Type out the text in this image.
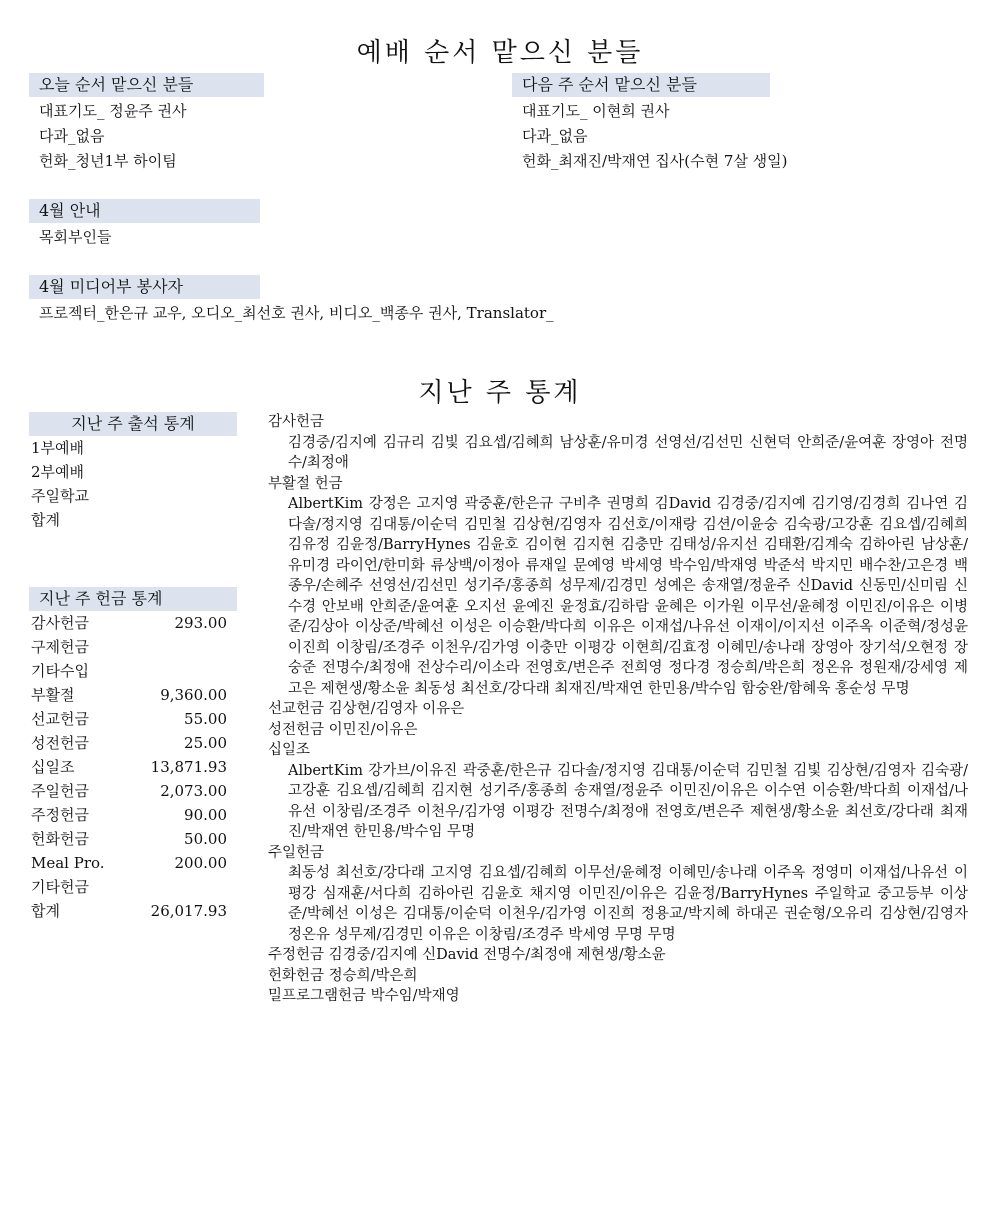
예배 순서 맡으신 분들
오늘 순서 맡으신 분들
대표기도_ 정윤주 권사
다과_없음
헌화_청년1부 하이팀
다음 주 순서 맡으신 분들
대표기도_ 이현희 권사
다과_없음
헌화_최재진/박재연 집사(수현 7살 생일)
4월 안내
목회부인들
4월 미디어부 봉사자
프로젝터_한은규 교우, 오디오_최선호 권사, 비디오_백종우 권사, Translator_
지난 주 통계
지난 주 출석 통계
1부예배
2부예배
주일학교
합계
지난 주 헌금 통계
감사헌금	293.00
구제헌금
기타수입
부활절	9,360.00
선교헌금	55.00
성전헌금	25.00
십일조	13,871.93
주일헌금	2,073.00
주정헌금	90.00
헌화헌금	50.00
Meal Pro.	200.00
기타헌금
합계	26,017.93
감사헌금
김경중/김지예 김규리 김빛 김요셉/김혜희 남상훈/유미경 선영선/김선민 신현덕 안희준/윤여훈 장영아 전명수/최정애
부활절 헌금
AlbertKim 강정은 고지영 곽중훈/한은규 구비추 권명희 김David 김경중/김지예 김기영/김경희 김나연 김다솔/정지영 김대통/이순덕 김민철 김상현/김영자 김선호/이재랑 김션/이윤숭 김숙광/고강훈 김요셉/김혜희 김유정 김윤정/BarryHynes 김윤호 김이현 김지현 김충만 김태성/유지선 김태환/김계숙 김하아린 남상훈/유미경 라이언/한미화 류상백/이정아 류재일 문예영 박세영 박수임/박재영 박준석 박지민 배수찬/고은경 백종우/손혜주 선영선/김선민 성기주/홍종희 성무제/김경민 성예은 송재열/정윤주 신David 신동민/신미림 신수경 안보배 안희준/윤여훈 오지선 윤예진 윤정효/김하람 윤혜은 이가원 이무선/윤혜정 이민진/이유은 이병준/김상아 이상준/박혜선 이성은 이승환/박다희 이유은 이재섭/나유선 이재이/이지선 이주옥 이준혁/정성윤 이진희 이창림/조경주 이천우/김가영 이충만 이평강 이현희/김효정 이혜민/송나래 장영아 장기석/오현정 장숭준 전명수/최정애 전상수리/이소라 전영호/변은주 전희영 정다경 정승희/박은희 정온유 정원재/강세영 제고은 제현생/황소윤 최동성 최선호/강다래 최재진/박재연 한민용/박수임 함숭완/함혜욱 홍순성 무명
선교헌금 김상현/김영자 이유은
성전헌금 이민진/이유은
십일조
AlbertKim 강가브/이유진 곽중훈/한은규 김다솔/정지영 김대통/이순덕 김민철 김빛 김상현/김영자 김숙광/고강훈 김요셉/김혜희 김지현 성기주/홍종희 송재열/정윤주 이민진/이유은 이수연 이승환/박다희 이재섭/나유선 이창림/조경주 이천우/김가영 이평강 전명수/최정애 전영호/변은주 제현생/황소윤 최선호/강다래 최재진/박재연 한민용/박수임 무명
주일헌금
최동성 최선호/강다래 고지영 김요셉/김혜희 이무선/윤혜정 이혜민/송나래 이주옥 정영미 이재섭/나유선 이평강 심재훈/서다희 김하아린 김윤호 채지영 이민진/이유은 김윤정/BarryHynes 주일학교 중고등부 이상준/박혜선 이성은 김대통/이순덕 이천우/김가영 이진희 정용교/박지혜 하대곤 권순형/오유리 김상현/김영자 정온유 성무제/김경민 이유은 이창림/조경주 박세영 무명 무명
주정헌금 김경중/김지예 신David 전명수/최정애 제현생/황소윤
헌화헌금 정승희/박은희
밀프로그램헌금 박수임/박재영
